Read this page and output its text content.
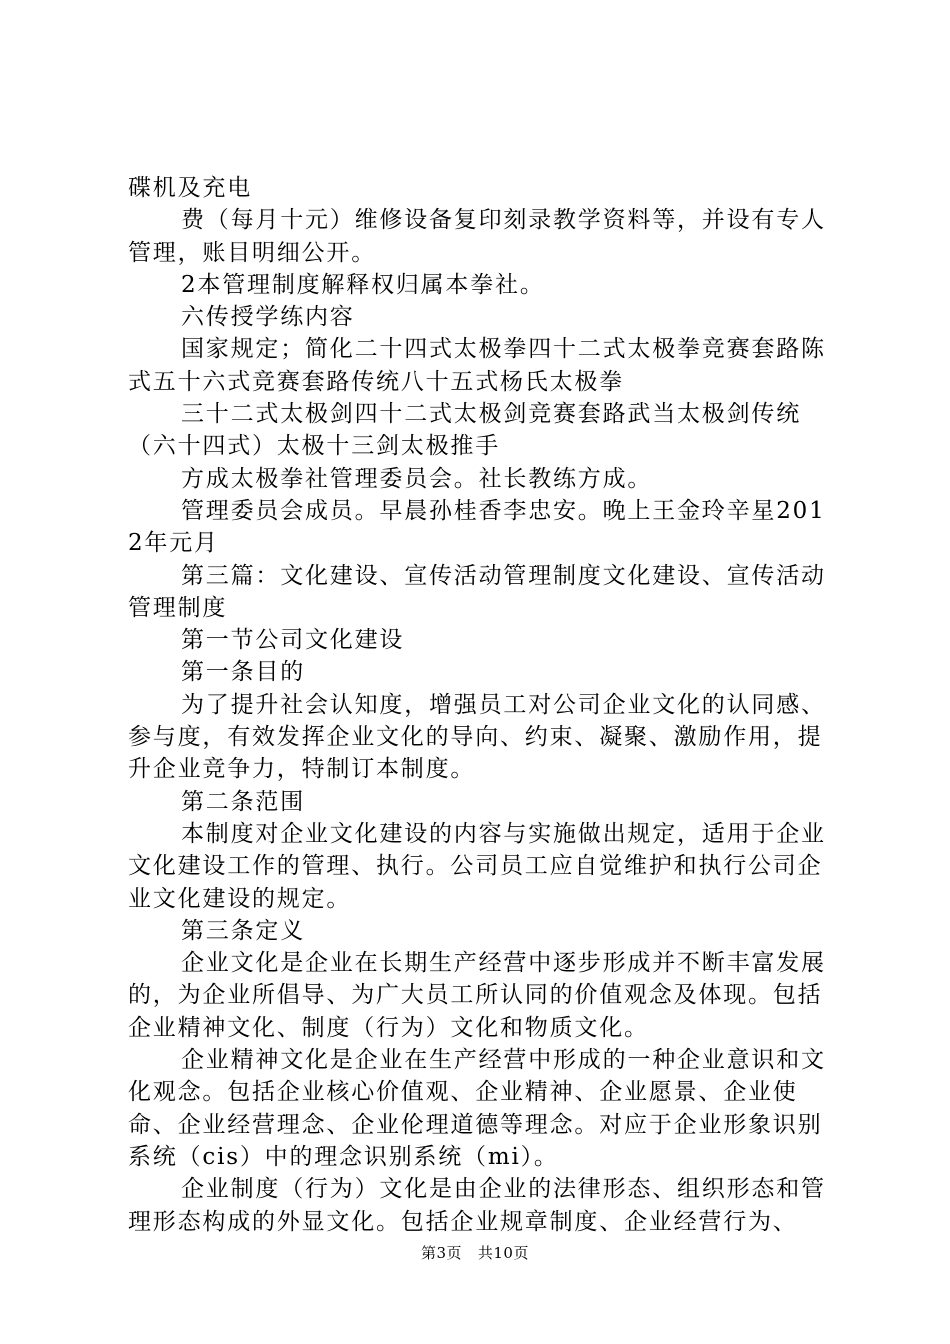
碟机及充电

费（每月十元）维修设备复印刻录教学资料等，并设有专人管理，账目明细公开。

2本管理制度解释权归属本拳社。

六传授学练内容

国家规定；简化二十四式太极拳四十二式太极拳竞赛套路陈式五十六式竞赛套路传统八十五式杨氏太极拳

三十二式太极剑四十二式太极剑竞赛套路武当太极剑传统（六十四式）太极十三剑太极推手

方成太极拳社管理委员会。社长教练方成。

管理委员会成员。早晨孙桂香李忠安。晚上王金玲辛星2012年元月

第三篇：文化建设、宣传活动管理制度文化建设、宣传活动管理制度

第一节公司文化建设

第一条目的

为了提升社会认知度，增强员工对公司企业文化的认同感、参与度，有效发挥企业文化的导向、约束、凝聚、激励作用，提升企业竞争力，特制订本制度。

第二条范围

本制度对企业文化建设的内容与实施做出规定，适用于企业文化建设工作的管理、执行。公司员工应自觉维护和执行公司企业文化建设的规定。

第三条定义

企业文化是企业在长期生产经营中逐步形成并不断丰富发展的，为企业所倡导、为广大员工所认同的价值观念及体现。包括企业精神文化、制度（行为）文化和物质文化。

企业精神文化是企业在生产经营中形成的一种企业意识和文化观念。包括企业核心价值观、企业精神、企业愿景、企业使命、企业经营理念、企业伦理道德等理念。对应于企业形象识别系统（cis）中的理念识别系统（mi）。

企业制度（行为）文化是由企业的法律形态、组织形态和管理形态构成的外显文化。包括企业规章制度、企业经营行为、

第3页 共10页
